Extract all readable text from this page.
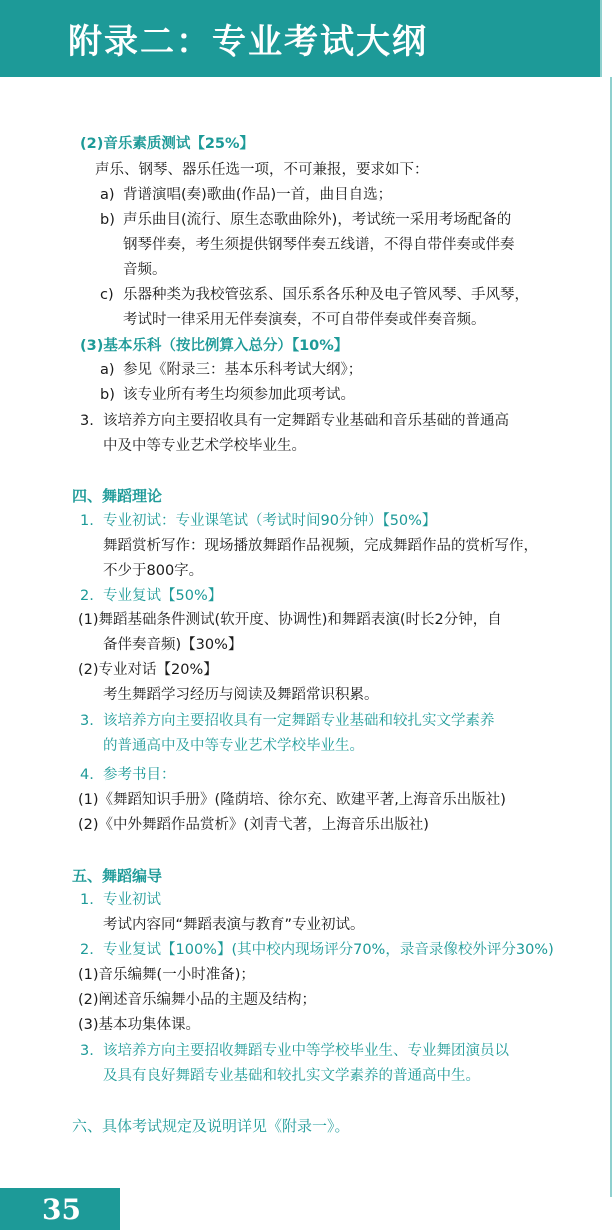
附录二：专业考试大纲
(2)音乐素质测试【25%】
声乐、钢琴、器乐任选一项，不可兼报，要求如下：
a) 背谱演唱(奏)歌曲(作品)一首，曲目自选；
b) 声乐曲目(流行、原生态歌曲除外)，考试统一采用考场配备的
钢琴伴奏，考生须提供钢琴伴奏五线谱，不得自带伴奏或伴奏
音频。
c) 乐器种类为我校管弦系、国乐系各乐种及电子管风琴、手风琴，
考试时一律采用无伴奏演奏，不可自带伴奏或伴奏音频。
(3)基本乐科（按比例算入总分）【10%】
a) 参见《附录三：基本乐科考试大纲》；
b) 该专业所有考生均须参加此项考试。
3. 该培养方向主要招收具有一定舞蹈专业基础和音乐基础的普通高
中及中等专业艺术学校毕业生。
四、舞蹈理论
1. 专业初试：专业课笔试（考试时间90分钟）【50%】
舞蹈赏析写作：现场播放舞蹈作品视频，完成舞蹈作品的赏析写作，
不少于800字。
2. 专业复试【50%】
(1)舞蹈基础条件测试(软开度、协调性)和舞蹈表演(时长2分钟，自
备伴奏音频)【30%】
(2)专业对话【20%】
考生舞蹈学习经历与阅读及舞蹈常识积累。
3. 该培养方向主要招收具有一定舞蹈专业基础和较扎实文学素养
的普通高中及中等专业艺术学校毕业生。
4. 参考书目：
(1)《舞蹈知识手册》(隆荫培、徐尔充、欧建平著,上海音乐出版社)
(2)《中外舞蹈作品赏析》(刘青弋著，上海音乐出版社)
五、舞蹈编导
1. 专业初试
考试内容同“舞蹈表演与教育”专业初试。
2. 专业复试【100%】(其中校内现场评分70%，录音录像校外评分30%)
(1)音乐编舞(一小时准备)；
(2)阐述音乐编舞小品的主题及结构；
(3)基本功集体课。
3. 该培养方向主要招收舞蹈专业中等学校毕业生、专业舞团演员以
及具有良好舞蹈专业基础和较扎实文学素养的普通高中生。
六、具体考试规定及说明详见《附录一》。
35
